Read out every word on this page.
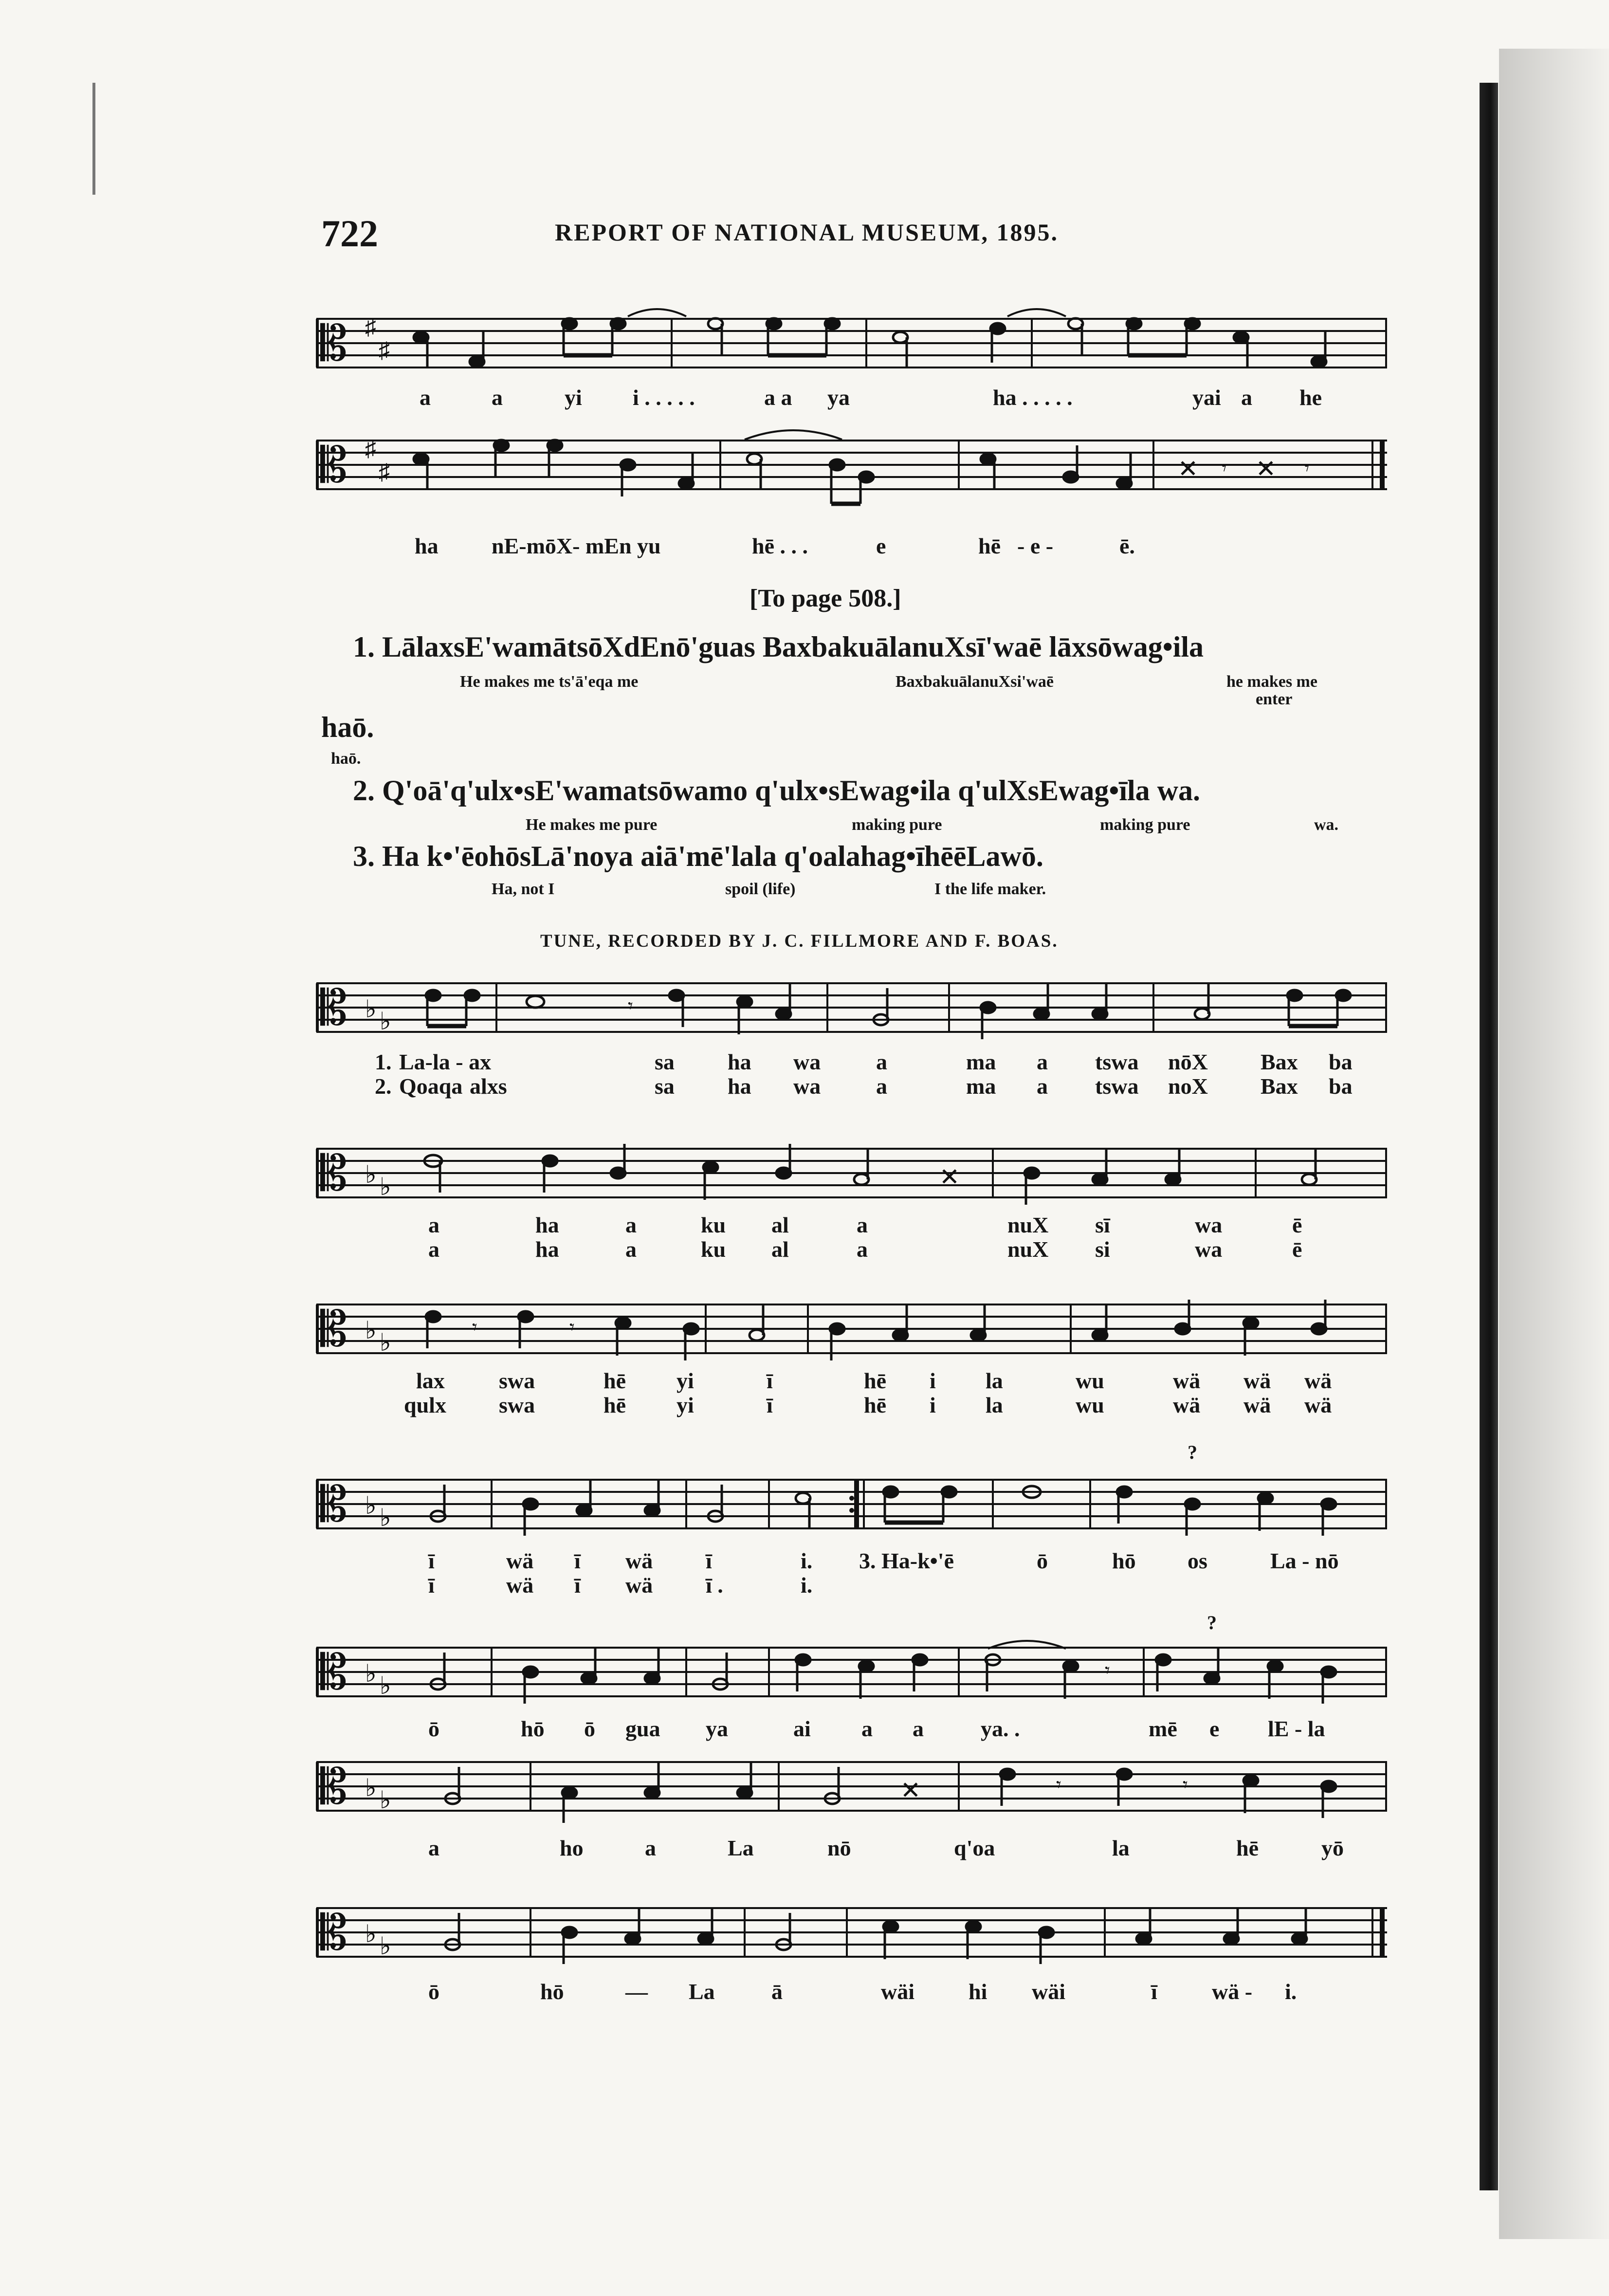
722	REPORT OF NATIONAL MUSEUM, 1895.
𝄡 ♯
♯
a	a	yi i . . . . .	a a ya	ha . . . . .	yai a he
𝄡 ♯
♯	✕ 𝄾 ✕ 𝄾
ha nE-mōX- mEn yu	hē . . .	e	hē - e -	ē.
[To page 508.]
1. LālaxsE'wamātsōXdEnō'guas BaxbakuālanuXsī'waē lāxsōwag•ila
He makes me ts'ā'eqa me	BaxbakuālanuXsi'waē	he makes me
enter
haō.
haō.
2. Q'oā'q'ulx•sE'wamatsōwamo q'ulx•sEwag•ila q'ulXsEwag•īla wa.
He makes me pure	making pure	making pure	wa.
3. Ha k•'ēohōsLā'noya aiā'mē'lala q'oalahag•īhēēLawō.
Ha, not I	spoil (life)	I the life maker.
TUNE, RECORDED BY J. C. FILLMORE AND F. BOAS.
𝄡 ♭ ♭
𝄾
1. La-la - ax	sa ha wa a	ma a tswa nōX Bax ba
2. Qoaqa alxs	sa ha wa a	ma a tswa noX Bax ba
𝄡 ♭ ♭	✕
a	ha	a	ku al	a	nuX sī	wa	ē
a	ha	a	ku al	a	nuX si	wa	ē
𝄡 ♭ ♭
𝄾	𝄾
lax swa	hē yi	ī	hē i la	wu	wä wä wä
qulx swa	hē yi	ī	hē i la	wu	wä wä wä
?
𝄡 ♭ ♭
ī	wä ī wä ī	i. 3. Ha-k•'ē	ō	hō os	La - nō
ī	wä ī wä ī .	i.
?
𝄡 ♭ ♭
𝄾
ō	hō ō gua ya	ai a a	ya. .	mē e lE - la
𝄡 ♭ ♭	✕	𝄾	𝄾
a	ho	a	La	nō	q'oa	la	hē	yō
𝄡 ♭ ♭
ō	hō	— La	ā	wäi hi wäi	ī wä - i.
